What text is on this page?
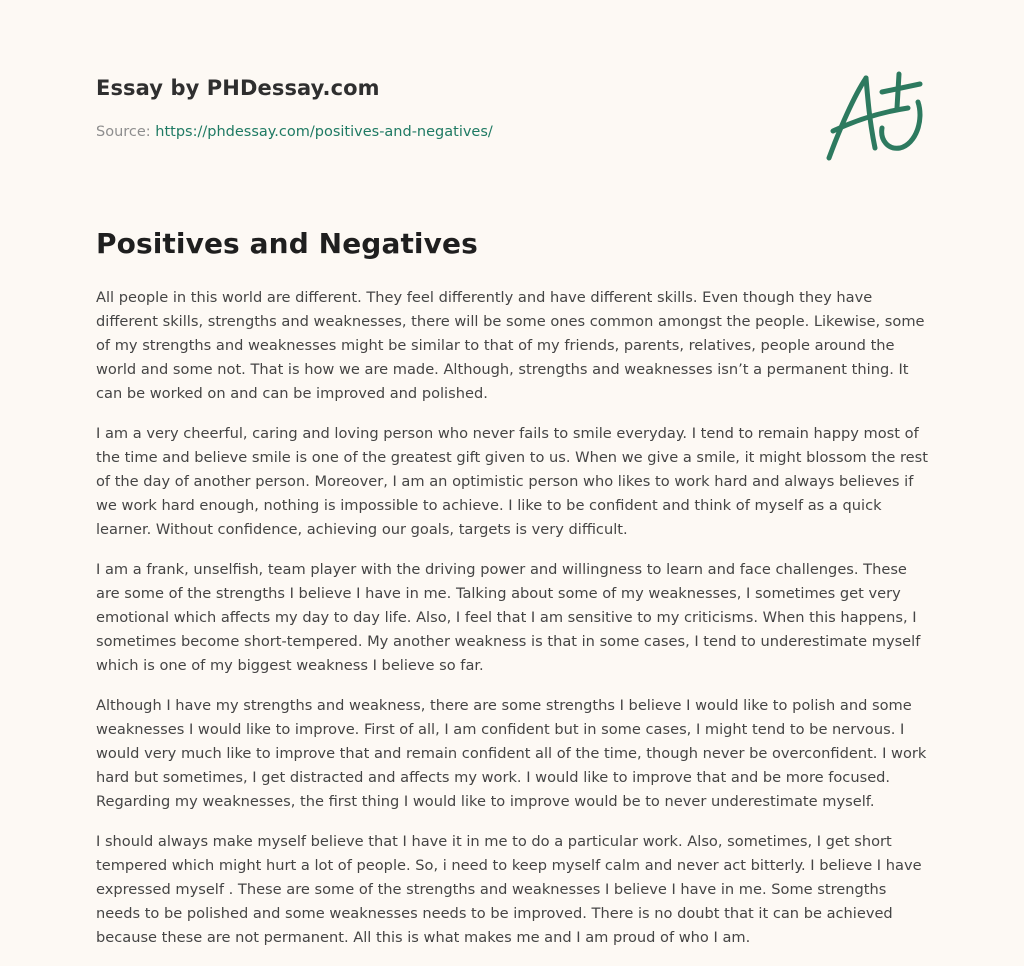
Essay by PHDessay.com
Source: https://phdessay.com/positives-and-negatives/
Positives and Negatives

All people in this world are different. They feel differently and have different skills. Even though they have different skills, strengths and weaknesses, there will be some ones common amongst the people. Likewise, some of my strengths and weaknesses might be similar to that of my friends, parents, relatives, people around the world and some not. That is how we are made. Although, strengths and weaknesses isn’t a permanent thing. It can be worked on and can be improved and polished.

I am a very cheerful, caring and loving person who never fails to smile everyday. I tend to remain happy most of the time and believe smile is one of the greatest gift given to us. When we give a smile, it might blossom the rest of the day of another person. Moreover, I am an optimistic person who likes to work hard and always believes if we work hard enough, nothing is impossible to achieve. I like to be confident and think of myself as a quick learner. Without confidence, achieving our goals, targets is very difficult.

I am a frank, unselfish, team player with the driving power and willingness to learn and face challenges. These are some of the strengths I believe I have in me. Talking about some of my weaknesses, I sometimes get very emotional which affects my day to day life. Also, I feel that I am sensitive to my criticisms. When this happens, I sometimes become short-tempered. My another weakness is that in some cases, I tend to underestimate myself which is one of my biggest weakness I believe so far.

Although I have my strengths and weakness, there are some strengths I believe I would like to polish and some weaknesses I would like to improve. First of all, I am confident but in some cases, I might tend to be nervous. I would very much like to improve that and remain confident all of the time, though never be overconfident. I work hard but sometimes, I get distracted and affects my work. I would like to improve that and be more focused. Regarding my weaknesses, the first thing I would like to improve would be to never underestimate myself.

I should always make myself believe that I have it in me to do a particular work. Also, sometimes, I get short tempered which might hurt a lot of people. So, i need to keep myself calm and never act bitterly. I believe I have expressed myself . These are some of the strengths and weaknesses I believe I have in me. Some strengths needs to be polished and some weaknesses needs to be improved. There is no doubt that it can be achieved because these are not permanent. All this is what makes me and I am proud of who I am.
